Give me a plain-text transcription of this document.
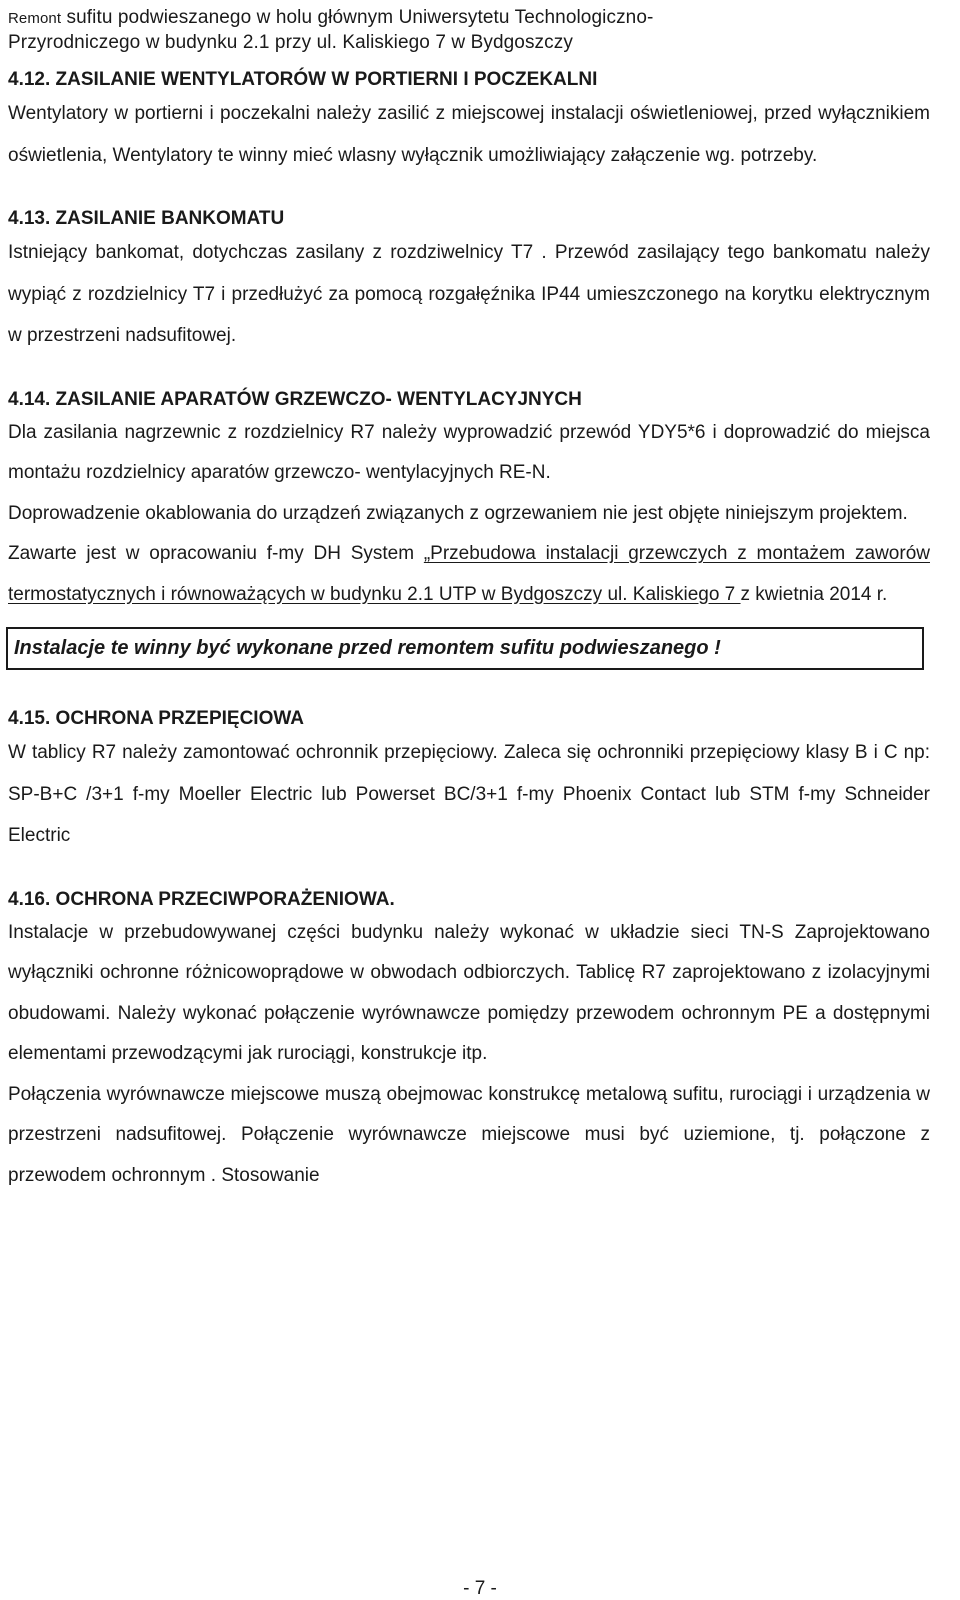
Remont sufitu podwieszanego w holu głównym Uniwersytetu Technologiczno-
Przyrodniczego w budynku 2.1 przy ul. Kaliskiego 7 w Bydgoszczy
4.12. ZASILANIE WENTYLATORÓW W PORTIERNI I POCZEKALNI
Wentylatory w portierni i poczekalni należy zasilić z miejscowej instalacji oświetleniowej, przed wyłącznikiem oświetlenia, Wentylatory te winny mieć wlasny wyłącznik umożliwiający załączenie wg. potrzeby.
4.13. ZASILANIE BANKOMATU
Istniejący bankomat, dotychczas zasilany z rozdziwelnicy T7 . Przewód zasilający tego bankomatu należy wypiąć z rozdzielnicy T7 i przedłużyć za pomocą rozgałęźnika IP44 umieszczonego na korytku elektrycznym w przestrzeni nadsufitowej.
4.14. ZASILANIE APARATÓW GRZEWCZO- WENTYLACYJNYCH
Dla zasilania nagrzewnic z rozdzielnicy R7 należy wyprowadzić przewód YDY5*6 i doprowadzić do miejsca montażu rozdzielnicy aparatów grzewczo- wentylacyjnych RE-N.
Doprowadzenie okablowania do urządzeń związanych z ogrzewaniem nie jest objęte niniejszym projektem.
Zawarte jest w opracowaniu f-my DH System „Przebudowa instalacji grzewczych z montażem zaworów termostatycznych i równoważących w budynku 2.1 UTP w Bydgoszczy ul. Kaliskiego 7 z kwietnia 2014 r.
Instalacje te winny być wykonane przed remontem sufitu podwieszanego !
4.15. OCHRONA PRZEPIĘCIOWA
W tablicy R7 należy zamontować ochronnik przepięciowy. Zaleca się ochronniki przepięciowy klasy B i C np: SP-B+C /3+1 f-my Moeller Electric lub Powerset BC/3+1 f-my Phoenix Contact lub STM f-my Schneider Electric
4.16. OCHRONA PRZECIWPORAŻENIOWA.
Instalacje w przebudowywanej części budynku należy wykonać w układzie sieci TN-S Zaprojektowano wyłączniki ochronne różnicowoprądowe w obwodach odbiorczych. Tablicę R7 zaprojektowano z izolacyjnymi obudowami. Należy wykonać połączenie wyrównawcze pomiędzy przewodem ochronnym PE a dostępnymi elementami przewodzącymi jak rurociągi, konstrukcje itp.
Połączenia wyrównawcze miejscowe muszą obejmowac konstrukcę metalową sufitu, rurociągi i urządzenia w przestrzeni nadsufitowej. Połączenie wyrównawcze miejscowe musi być uziemione, tj. połączone z przewodem ochronnym . Stosowanie
- 7 -
